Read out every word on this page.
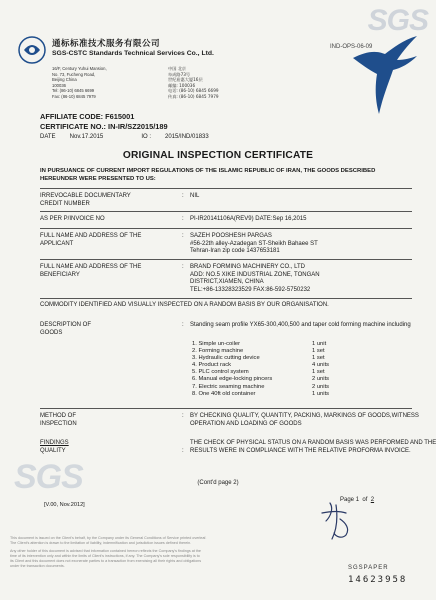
SGS
SGS
通标标准技术服务有限公司
SGS-CSTC Standards Technical Services Co., Ltd.
16/F, Century Yuhui Mansion,
No. 73, Fucheng Road,
Beijing China
100036
Tel: (86-10) 6845 6699
Fax: (86-10) 6845 7979
中国 北京
阜成路73号
世纪裕惠大厦16层
邮编: 100036
电话: (86-10) 6845 6699
传真: (86-10) 6845 7979
IND-OPS-06-09
AFFILIATE CODE: F615001
CERTIFICATE NO.: IN-IR/SZ2015/189
DATE Nov.17.2015	IO : 2015/IND/01833
ORIGINAL INSPECTION CERTIFICATE
IN PURSUANCE OF CURRENT IMPORT REGULATIONS OF THE ISLAMIC REPUBLIC OF IRAN, THE GOODS DESCRIBED HEREUNDER WERE PRESENTED TO US:
IRREVOCABLE DOCUMENTARY CREDIT NUMBER
: NIL
AS PER P/INVOICE NO	: PI-IR20141106A(REV9) DATE:Sep 16,2015
FULL NAME AND ADDRESS OF THE APPLICANT
: SAZEH POOSHESH PARGAS
#56-22th alley-Azadegan ST-Sheikh Bahaee ST
Tehran-Iran zip code 1437653181
FULL NAME AND ADDRESS OF THE BENEFICIARY
: BRAND FORMING MACHINERY CO., LTD
ADD: NO.5 XIKE INDUSTRIAL ZONE, TONGAN
DISTRICT,XIAMEN, CHINA
TEL:+86-13328323529 FAX:86-592-5750232
COMMODITY IDENTIFIED AND VISUALLY INSPECTED ON A RANDOM BASIS BY OUR ORGANISATION.
DESCRIPTION OF GOODS
: Standing seam profile YX65-300,400,500 and taper cold forming machine including
1. Simple un-coiler	1 unit
2. Forming machine	1 set
3. Hydraulic cutting device	1 set
4. Product rack	4 units
5. PLC control system	1 set
6. Manual edge-locking pincers	2 units
7. Electric seaming machine	2 units
8. One 40ft old container	1 units
METHOD OF INSPECTION
: BY CHECKING QUALITY, QUANTITY, PACKING, MARKINGS OF GOODS,WITNESS OPERATION AND LOADING OF GOODS
FINDINGS
QUALITY	:
THE CHECK OF PHYSICAL STATUS ON A RANDOM BASIS WAS PERFORMED AND THE RESULTS WERE IN COMPLIANCE WITH THE RELATIVE PROFORMA INVOICE.
(Cont'd page 2)
[V.00, Nov.2012]
Page 1 of 2
This document is issued on the Client's behalf, by the Company under its General Conditions of Service printed overleaf.
The Client's attention is drawn to the limitation of liability, indemnification and jurisdiction issues defined therein.
Any other holder of this document is advised that information contained hereon reflects the Company's findings at the
time of its intervention only and within the limits of Client's instructions, if any. The Company's sole responsibility is to
its Client and this document does not exonerate parties to a transaction from exercising all their rights and obligations
under the transaction documents.	SGSPAPER
14623958
